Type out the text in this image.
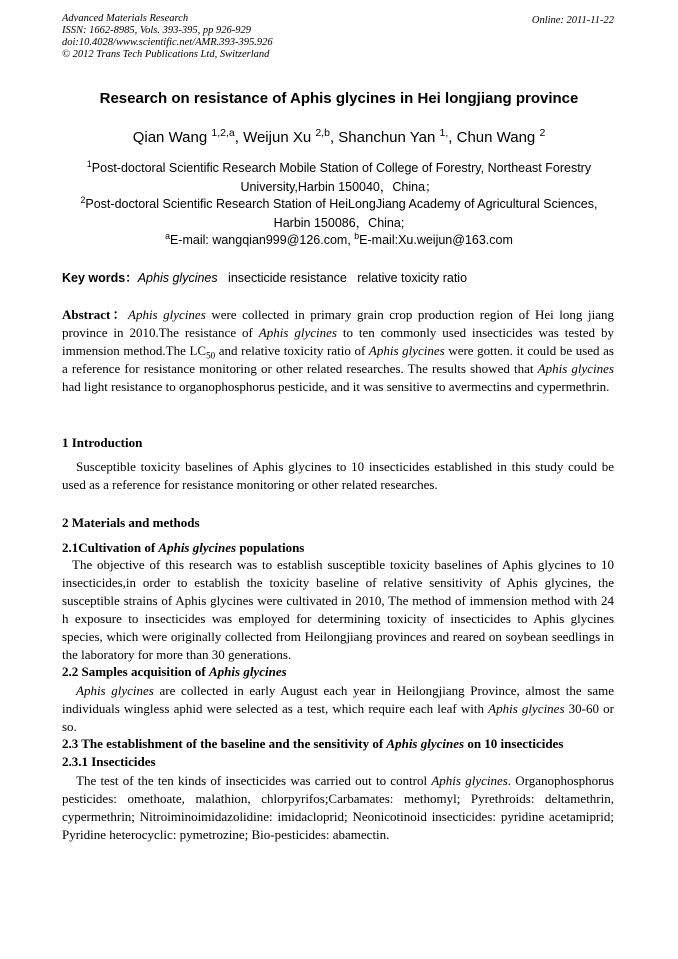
Advanced Materials Research
ISSN: 1662-8985, Vols. 393-395, pp 926-929
doi:10.4028/www.scientific.net/AMR.393-395.926
© 2012 Trans Tech Publications Ltd, Switzerland
Online: 2011-11-22
Research on resistance of Aphis glycines in Hei longjiang province
Qian Wang $^{1,2,a}$, Weijun Xu $^{2,b}$, Shanchun Yan $^{1,}$, Chun Wang $^2$
$^1$Post-doctoral Scientific Research Mobile Station of College of Forestry, Northeast Forestry
University,Harbin 150040，China；
$^2$Post-doctoral Scientific Research Station of HeiLongJiang Academy of Agricultural Sciences,
Harbin 150086，China;
$^a$E-mail: wangqian999@126.com, $^b$E-mail:Xu.weijun@163.com
Key words：Aphis glycines insecticide resistance relative toxicity ratio
Abstract：Aphis glycines were collected in primary grain crop production region of Hei long jiang province in 2010.The resistance of Aphis glycines to ten commonly used insecticides was tested by immension method.The $LC_{50}$ and relative toxicity ratio of Aphis glycines were gotten. it could be used as a reference for resistance monitoring or other related researches. The results showed that Aphis glycines had light resistance to organophosphorus pesticide, and it was sensitive to avermectins and cypermethrin.
1 Introduction
Susceptible toxicity baselines of Aphis glycines to 10 insecticides established in this study could be used as a reference for resistance monitoring or other related researches.
2 Materials and methods
2.1Cultivation of Aphis glycines populations
The objective of this research was to establish susceptible toxicity baselines of Aphis glycines to 10 insecticides,in order to establish the toxicity baseline of relative sensitivity of Aphis glycines, the susceptible strains of Aphis glycines were cultivated in 2010, The method of immension method with 24 h exposure to insecticides was employed for determining toxicity of insecticides to Aphis glycines species, which were originally collected from Heilongjiang provinces and reared on soybean seedlings in the laboratory for more than 30 generations.
2.2 Samples acquisition of Aphis glycines
Aphis glycines are collected in early August each year in Heilongjiang Province, almost the same individuals wingless aphid were selected as a test, which require each leaf with Aphis glycines 30-60 or so.
2.3 The establishment of the baseline and the sensitivity of Aphis glycines on 10 insecticides
2.3.1 Insecticides
The test of the ten kinds of insecticides was carried out to control Aphis glycines. Organophosphorus pesticides: omethoate, malathion, chlorpyrifos;Carbamates: methomyl; Pyrethroids: deltamethrin, cypermethrin; Nitroiminoimidazolidine: imidacloprid; Neonicotinoid insecticides: pyridine acetamiprid; Pyridine heterocyclic: pymetrozine; Bio-pesticides: abamectin.
